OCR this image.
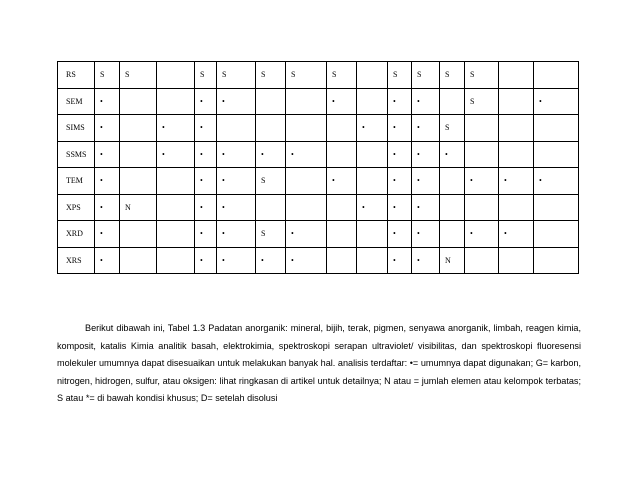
RS	S	S		S	S	S	S	S		S	S	S	S		
SEM	•			•	•			•		•	•		S		•
SIMS	•		•	•					•	•	•	S			
SSMS	•		•	•	•	•	•			•	•	•			
TEM	•			•	•	S		•		•	•		•	•	•
XPS	•	N		•	•				•	•	•				
XRD	•			•	•	S	•			•	•		•	•	
XRS	•			•	•	•	•			•	•	N			

Berikut dibawah ini, Tabel 1.3 Padatan anorganik: mineral, bijih, terak, pigmen, senyawa anorganik, limbah, reagen kimia, komposit, katalis Kimia analitik basah, elektrokimia, spektroskopi serapan ultraviolet/ visibilitas, dan spektroskopi fluoresensi molekuler umumnya dapat disesuaikan untuk melakukan banyak hal. analisis terdaftar: •= umumnya dapat digunakan; G= karbon, nitrogen, hidrogen, sulfur, atau oksigen: lihat ringkasan di artikel untuk detailnya; N atau = jumlah elemen atau kelompok terbatas; S atau *= di bawah kondisi khusus; D= setelah disolusi
